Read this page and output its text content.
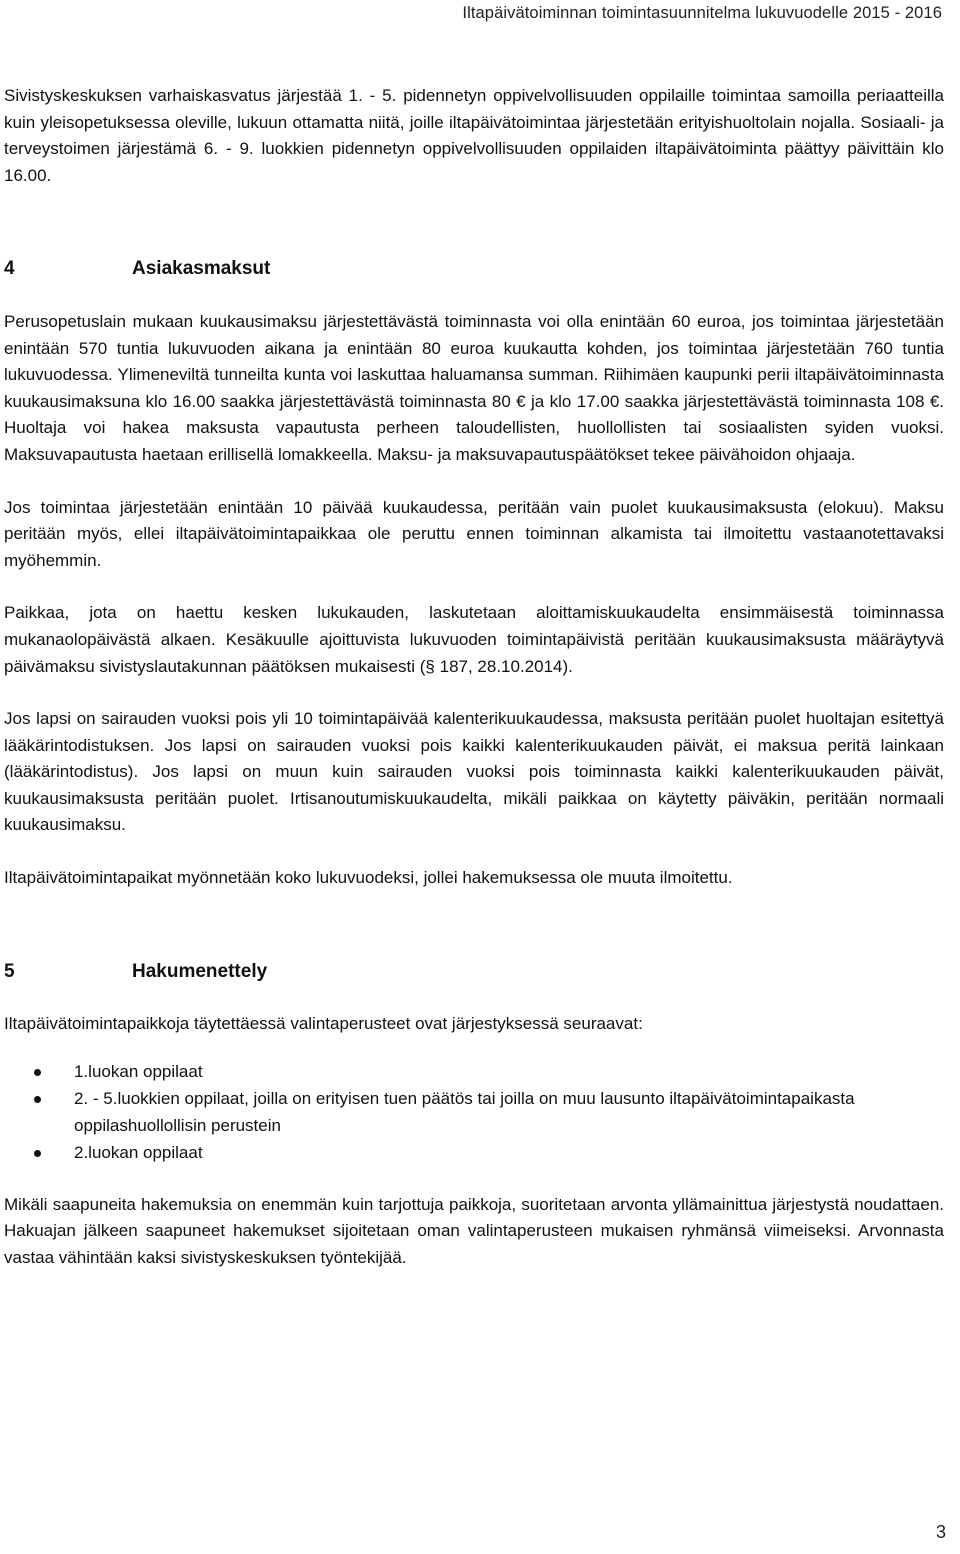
Iltapäivätoiminnan toimintasuunnitelma lukuvuodelle 2015 - 2016

Sivistyskeskuksen varhaiskasvatus järjestää 1. - 5. pidennetyn oppivelvollisuuden oppilaille toimintaa samoilla periaatteilla kuin yleisopetuksessa oleville, lukuun ottamatta niitä, joille iltapäivätoimintaa järjestetään erityishuoltolain nojalla. Sosiaali- ja terveystoimen järjestämä 6. - 9. luokkien pidennetyn oppivelvollisuuden oppilaiden iltapäivätoiminta päättyy päivittäin klo 16.00.

4	Asiakasmaksut

Perusopetuslain mukaan kuukausimaksu järjestettävästä toiminnasta voi olla enintään 60 euroa, jos toimintaa järjestetään enintään 570 tuntia lukuvuoden aikana ja enintään 80 euroa kuukautta kohden, jos toimintaa järjestetään 760 tuntia lukuvuodessa. Ylimeneviltä tunneilta kunta voi laskuttaa haluamansa summan. Riihimäen kaupunki perii iltapäivätoiminnasta kuukausimaksuna klo 16.00 saakka järjestettävästä toiminnasta 80 € ja klo 17.00 saakka järjestettävästä toiminnasta 108 €. Huoltaja voi hakea maksusta vapautusta perheen taloudellisten, huollollisten tai sosiaalisten syiden vuoksi. Maksuvapautusta haetaan erillisellä lomakkeella. Maksu- ja maksuvapautuspäätökset tekee päivähoidon ohjaaja.

Jos toimintaa järjestetään enintään 10 päivää kuukaudessa, peritään vain puolet kuukausimaksusta (elokuu). Maksu peritään myös, ellei iltapäivätoimintapaikkaa ole peruttu ennen toiminnan alkamista tai ilmoitettu vastaanotettavaksi myöhemmin.

Paikkaa, jota on haettu kesken lukukauden, laskutetaan aloittamiskuukaudelta ensimmäisestä toiminnassa mukanaolopäivästä alkaen. Kesäkuulle ajoittuvista lukuvuoden toimintapäivistä peritään kuukausimaksusta määräytyvä päivämaksu sivistyslautakunnan päätöksen mukaisesti (§ 187, 28.10.2014).

Jos lapsi on sairauden vuoksi pois yli 10 toimintapäivää kalenterikuukaudessa, maksusta peritään puolet huoltajan esitettyä lääkärintodistuksen. Jos lapsi on sairauden vuoksi pois kaikki kalenterikuukauden päivät, ei maksua peritä lainkaan (lääkärintodistus). Jos lapsi on muun kuin sairauden vuoksi pois toiminnasta kaikki kalenterikuukauden päivät, kuukausimaksusta peritään puolet. Irtisanoutumiskuukaudelta, mikäli paikkaa on käytetty päiväkin, peritään normaali kuukausimaksu.

Iltapäivätoimintapaikat myönnetään koko lukuvuodeksi, jollei hakemuksessa ole muuta ilmoitettu.

5	Hakumenettely

Iltapäivätoimintapaikkoja täytettäessä valintaperusteet ovat järjestyksessä seuraavat:

1.luokan oppilaat
2. - 5.luokkien oppilaat, joilla on erityisen tuen päätös tai joilla on muu lausunto iltapäivätoimintapaikasta oppilashuollollisin perustein
2.luokan oppilaat

Mikäli saapuneita hakemuksia on enemmän kuin tarjottuja paikkoja, suoritetaan arvonta yllämainittua järjestystä noudattaen. Hakuajan jälkeen saapuneet hakemukset sijoitetaan oman valintaperusteen mukaisen ryhmänsä viimeiseksi. Arvonnasta vastaa vähintään kaksi sivistyskeskuksen työntekijää.

3
